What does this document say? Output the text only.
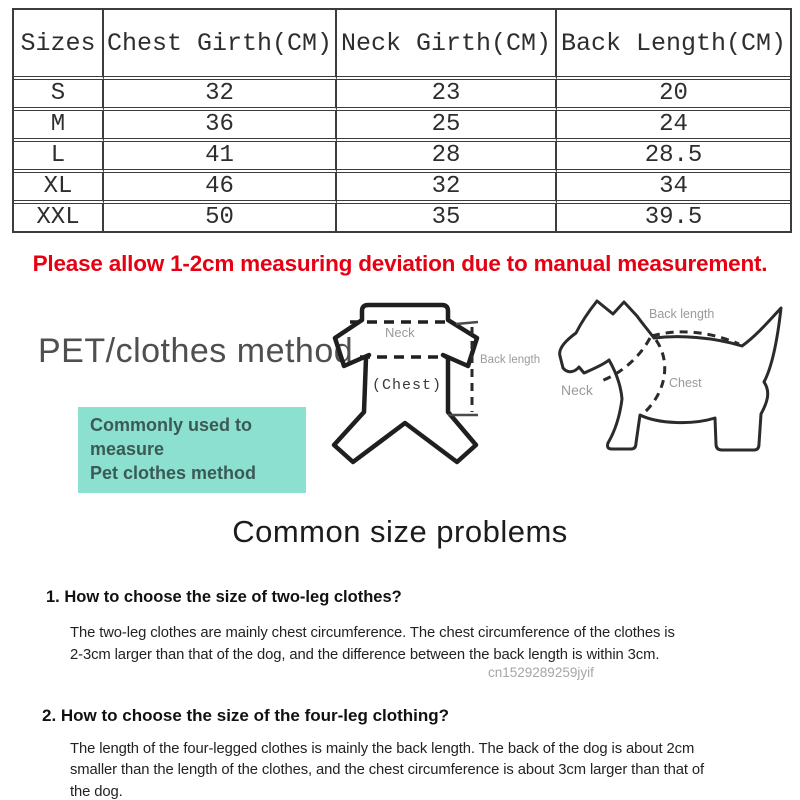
Sizes	Chest Girth(CM)	Neck Girth(CM)	Back Length(CM)
S	32	23	20
M	36	25	24
L	41	28	28.5
XL	46	32	34
XXL	50	35	39.5
Please allow 1-2cm measuring deviation due to manual measurement.
PET/clothes method
Commonly used to measure
Pet clothes method
Neck
(Chest)
Back length
Back length
Neck	Chest
Common size problems
1. How to choose the size of two-leg clothes?
The two-leg clothes are mainly chest circumference. The chest circumference of the clothes is 2-3cm larger than that of the dog, and the difference between the back length is within 3cm.
cn1529289259jyif
2. How to choose the size of the four-leg clothing?
The length of the four-legged clothes is mainly the back length. The back of the dog is about 2cm smaller than the length of the clothes, and the chest circumference is about 3cm larger than that of the dog.
